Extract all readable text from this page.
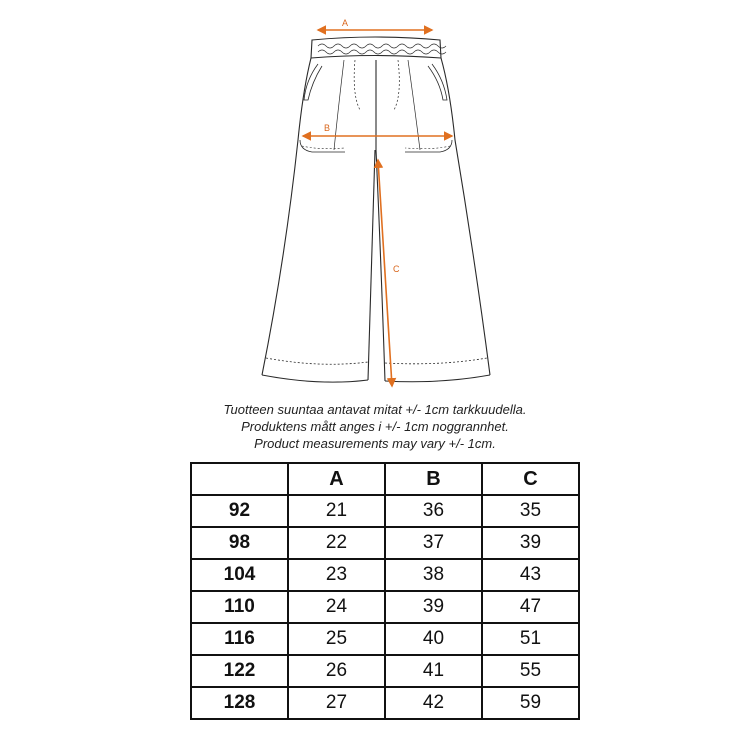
A
B
C
Tuotteen suuntaa antavat mitat +/- 1cm tarkkuudella.
Produktens mått anges i +/- 1cm noggrannhet.
Product measurements may vary +/- 1cm.
	A	B	C
92	21	36	35
98	22	37	39
104	23	38	43
110	24	39	47
116	25	40	51
122	26	41	55
128	27	42	59
